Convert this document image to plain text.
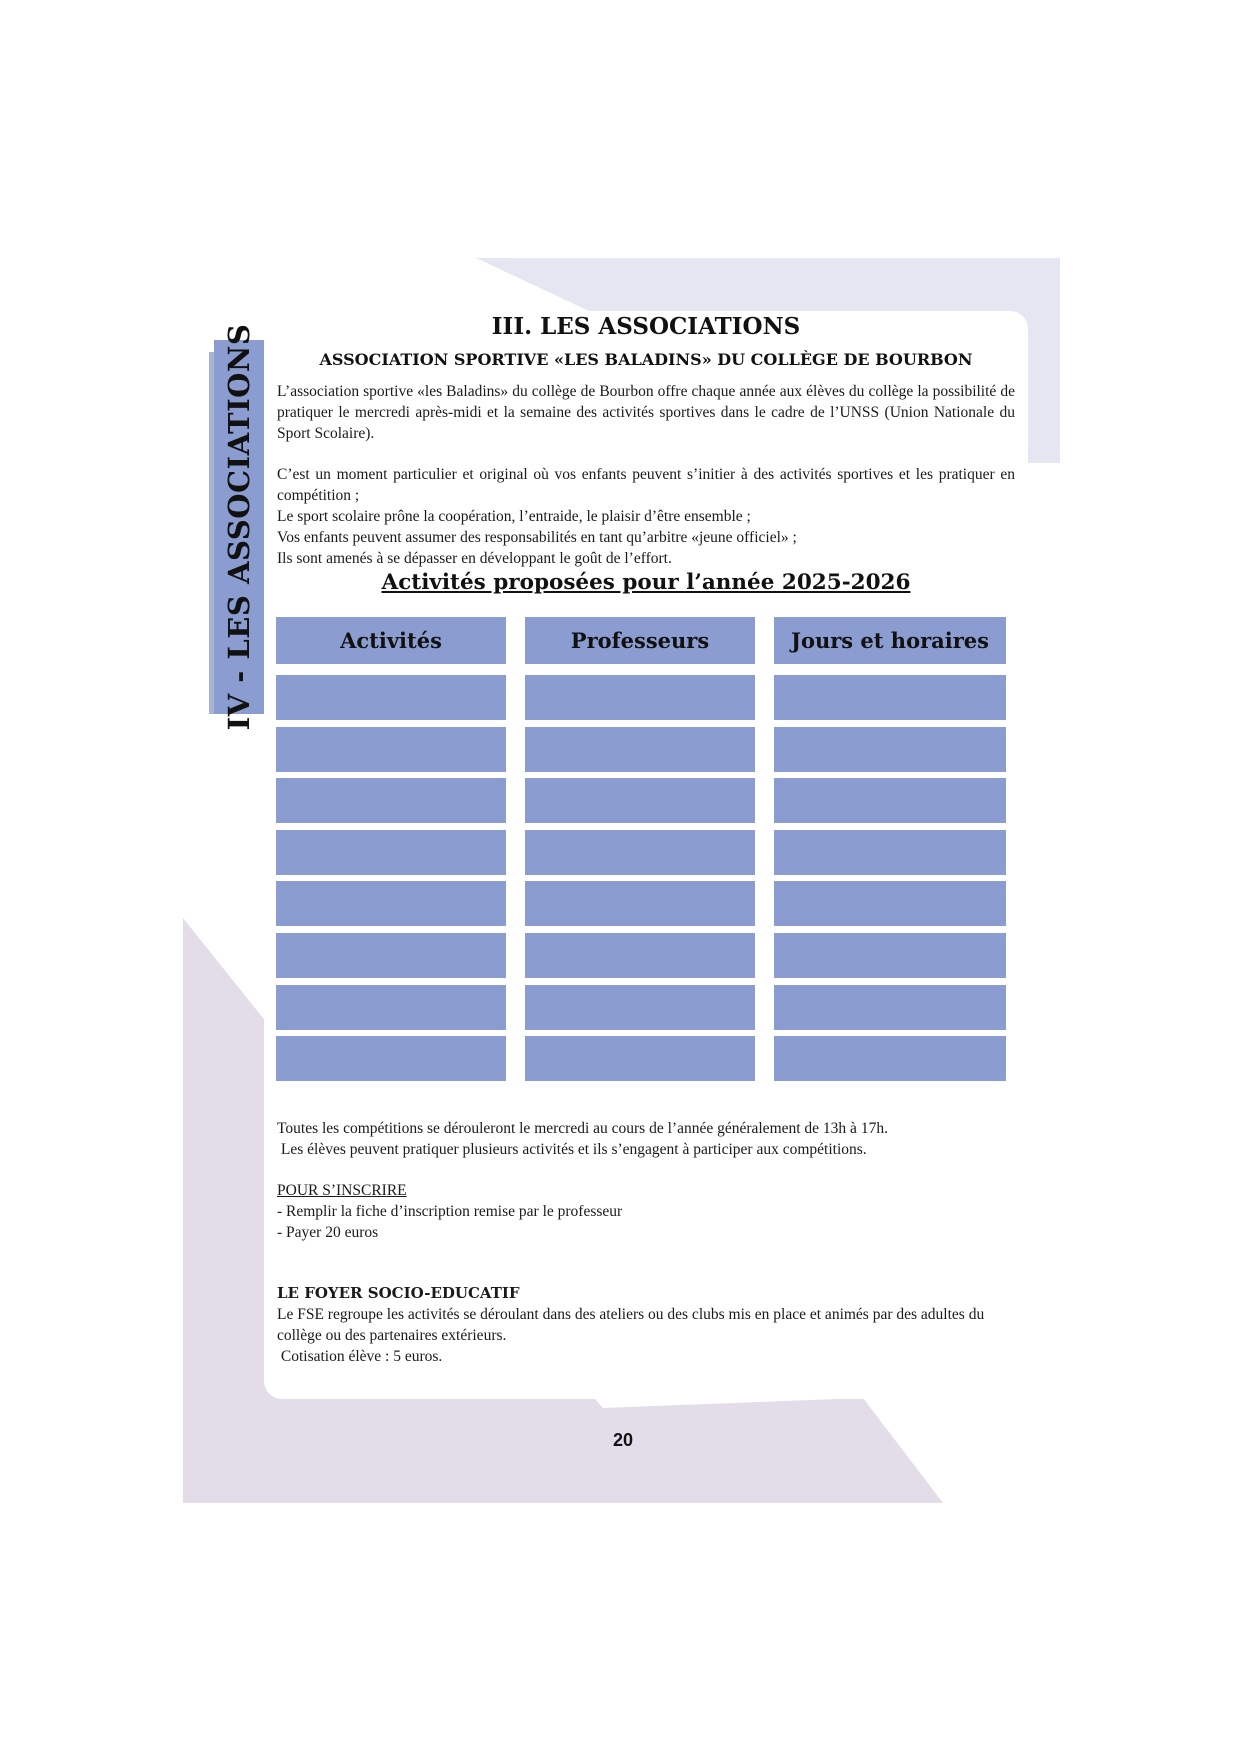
IV - LES ASSOCIATIONS	III. LES ASSOCIATIONS
ASSOCIATION SPORTIVE «LES BALADINS» DU COLLÈGE DE BOURBON
L’association sportive «les Baladins» du collège de Bourbon offre chaque année aux élèves du collège la possibilité de pratiquer le mercredi après-midi et la semaine des activités sportives dans le cadre de l’UNSS (Union Nationale du Sport Scolaire).
C’est un moment particulier et original où vos enfants peuvent s’initier à des activités sportives et les pratiquer en compétition ;
Le sport scolaire prône la coopération, l’entraide, le plaisir d’être ensemble ;
Vos enfants peuvent assumer des responsabilités en tant qu’arbitre «jeune officiel» ;
Ils sont amenés à se dépasser en développant le goût de l’effort.
Activités proposées pour l’année 2025-2026
Activités	Professeurs	Jours et horaires
Toutes les compétitions se dérouleront le mercredi au cours de l’année généralement de 13h à 17h.
Les élèves peuvent pratiquer plusieurs activités et ils s’engagent à participer aux compétitions.
POUR S’INSCRIRE
- Remplir la fiche d’inscription remise par le professeur
- Payer 20 euros
LE FOYER SOCIO-EDUCATIF
Le FSE regroupe les activités se déroulant dans des ateliers ou des clubs mis en place et animés par des adultes du collège ou des partenaires extérieurs.
Cotisation élève : 5 euros.
20
